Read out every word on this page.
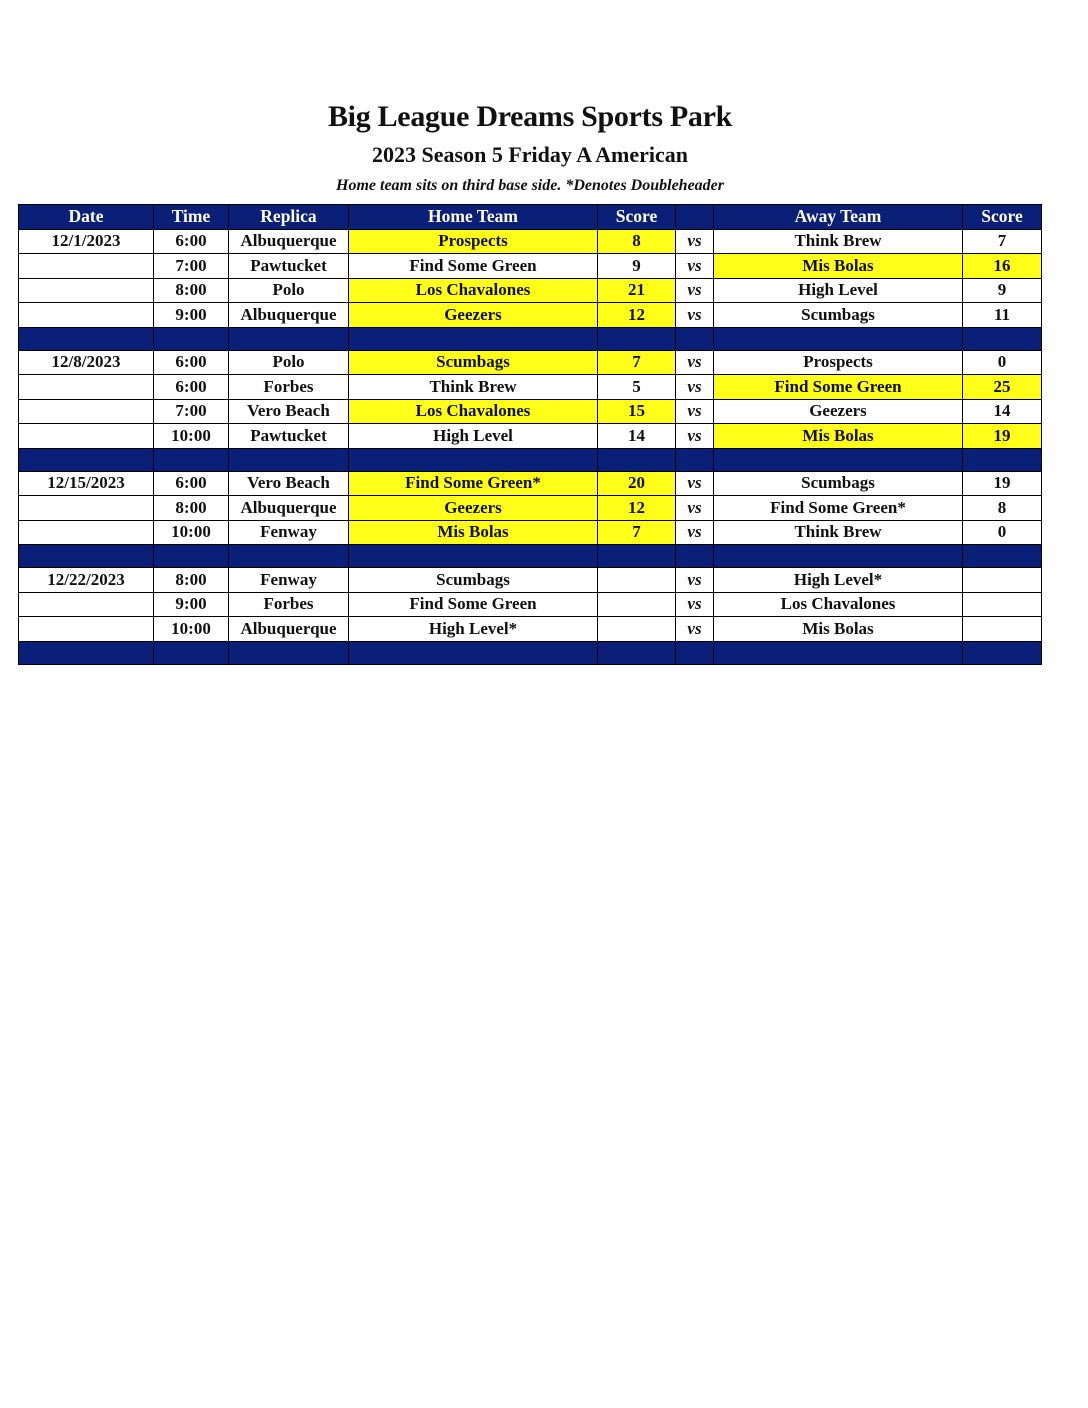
Big League Dreams Sports Park
2023 Season 5 Friday A American
Home team sits on third base side. *Denotes Doubleheader
Date	Time	Replica	Home Team	Score		Away Team	Score
12/1/2023	6:00	Albuquerque	Prospects	8	vs	Think Brew	7
	7:00	Pawtucket	Find Some Green	9	vs	Mis Bolas	16
	8:00	Polo	Los Chavalones	21	vs	High Level	9
	9:00	Albuquerque	Geezers	12	vs	Scumbags	11

12/8/2023	6:00	Polo	Scumbags	7	vs	Prospects	0
	6:00	Forbes	Think Brew	5	vs	Find Some Green	25
	7:00	Vero Beach	Los Chavalones	15	vs	Geezers	14
	10:00	Pawtucket	High Level	14	vs	Mis Bolas	19

12/15/2023	6:00	Vero Beach	Find Some Green*	20	vs	Scumbags	19
	8:00	Albuquerque	Geezers	12	vs	Find Some Green*	8
	10:00	Fenway	Mis Bolas	7	vs	Think Brew	0

12/22/2023	8:00	Fenway	Scumbags		vs	High Level*	
	9:00	Forbes	Find Some Green		vs	Los Chavalones	
	10:00	Albuquerque	High Level*		vs	Mis Bolas	
